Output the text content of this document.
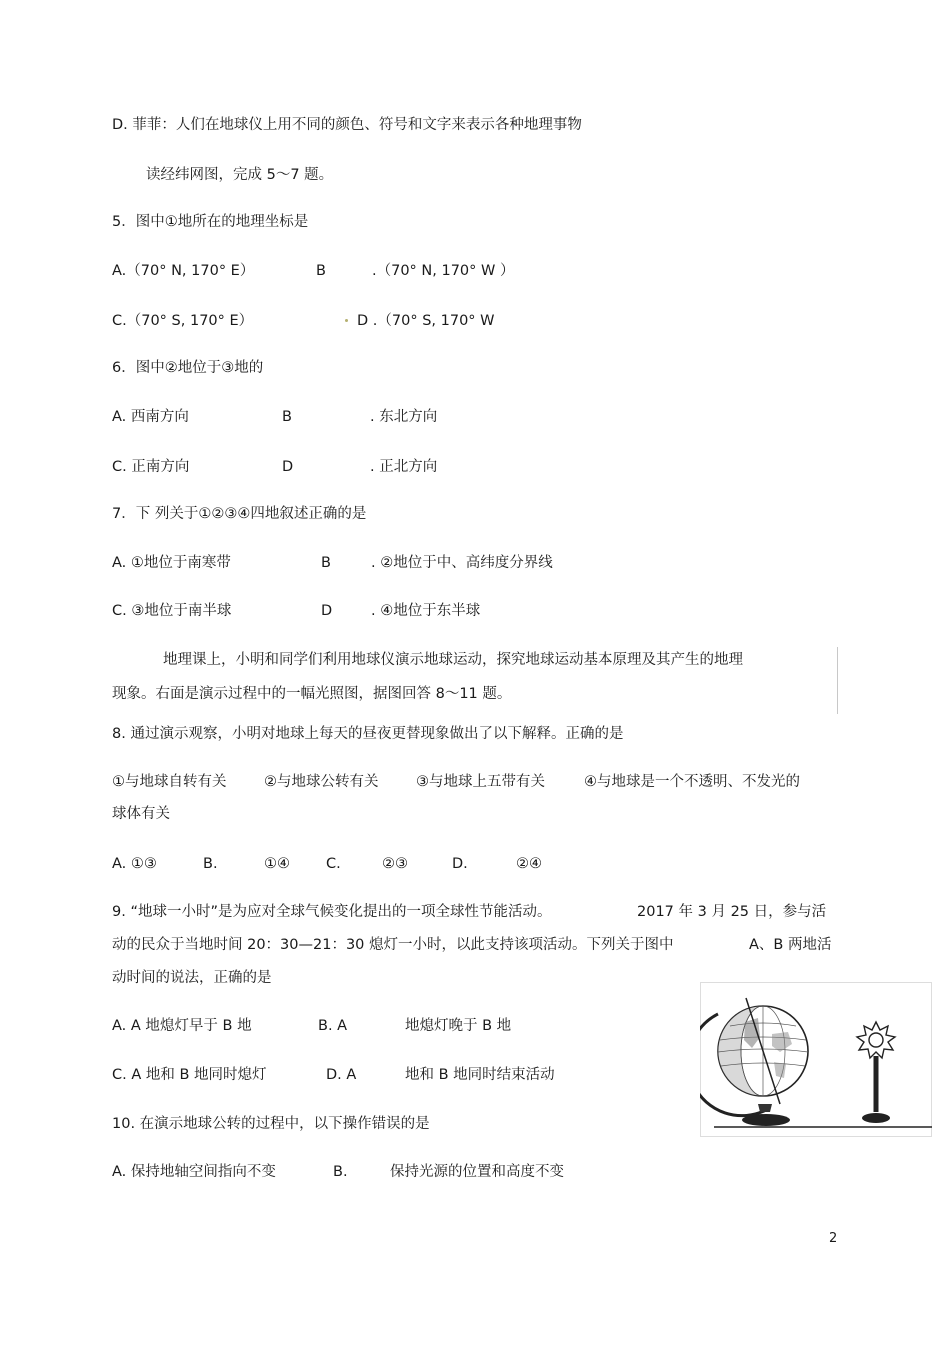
D. 菲菲：人们在地球仪上用不同的颜色、符号和文字来表示各种地理事物
读经纬网图，完成 5～7 题。
5．图中①地所在的地理坐标是
A.（70° N, 170° E）	B	.（70° N, 170° W ）
C.（70° S, 170° E）	D .（70° S, 170° W
6．图中②地位于③地的
A. 西南方向	B	. 东北方向
C. 正南方向	D	. 正北方向
7．下 列关于①②③④四地叙述正确的是
A. ①地位于南寒带	B	. ②地位于中、高纬度分界线
C. ③地位于南半球	D	. ④地位于东半球
地理课上，小明和同学们利用地球仪演示地球运动，探究地球运动基本原理及其产生的地理
现象。右面是演示过程中的一幅光照图，据图回答 8～11 题。
8. 通过演示观察，小明对地球上每天的昼夜更替现象做出了以下解释。正确的是
①与地球自转有关	②与地球公转有关	③与地球上五带有关	④与地球是一个不透明、不发光的
球体有关
A. ①③	B.	①④ C.	②③	D.	②④
9. “地球一小时”是为应对全球气候变化提出的一项全球性节能活动。	2017 年 3 月 25 日，参与活
动的民众于当地时间 20：30—21：30 熄灯一小时，以此支持该项活动。下列关于图中	A、B 两地活
动时间的说法，正确的是
A. A 地熄灯早于 B 地	B. A	地熄灯晚于 B 地
C. A 地和 B 地同时熄灯	D. A	地和 B 地同时结束活动
10. 在演示地球公转的过程中，以下操作错误的是
A. 保持地轴空间指向不变	B.	保持光源的位置和高度不变
2
